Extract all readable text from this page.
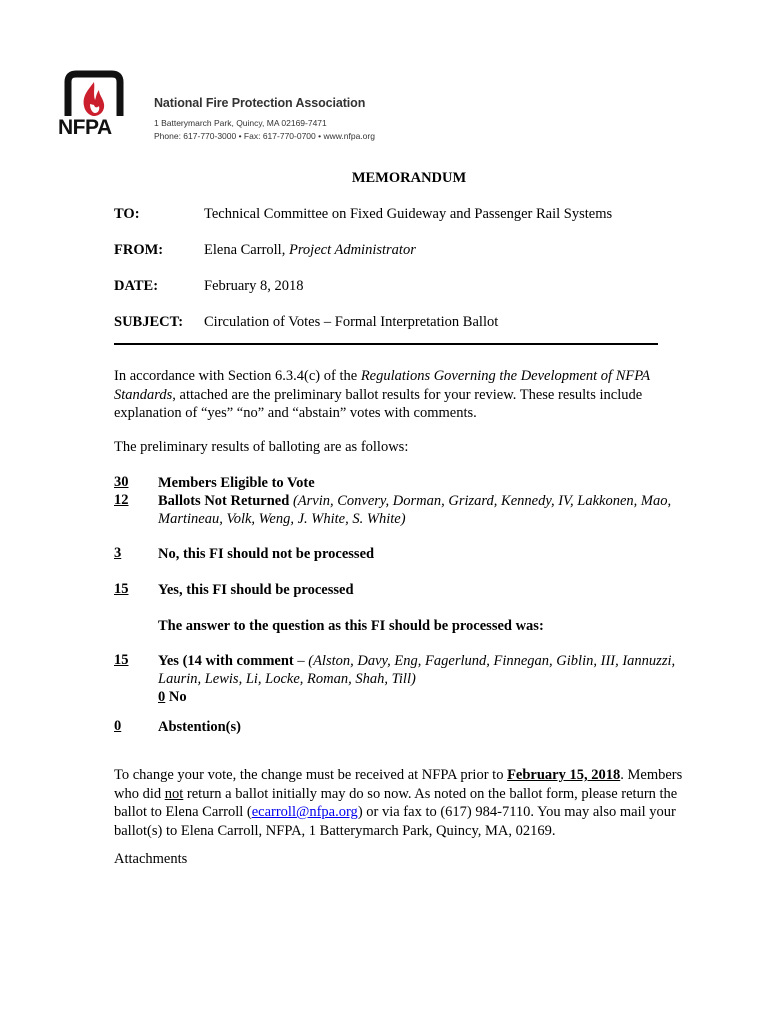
NFPA
National Fire Protection Association
1 Batterymarch Park, Quincy, MA 02169-7471
Phone: 617-770-3000 • Fax: 617-770-0700 • www.nfpa.org
MEMORANDUM
TO:	Technical Committee on Fixed Guideway and Passenger Rail Systems
FROM:	Elena Carroll, Project Administrator
DATE:	February 8, 2018
SUBJECT: Circulation of Votes – Formal Interpretation Ballot
In accordance with Section 6.3.4(c) of the Regulations Governing the Development of NFPA Standards, attached are the preliminary ballot results for your review. These results include explanation of “yes” “no” and “abstain” votes with comments.
The preliminary results of balloting are as follows:
30 Members Eligible to Vote
12 Ballots Not Returned (Arvin, Convery, Dorman, Grizard, Kennedy, IV, Lakkonen, Mao, Martineau, Volk, Weng, J. White, S. White)
3	No, this FI should not be processed
15 Yes, this FI should be processed
The answer to the question as this FI should be processed was:
15 Yes (14 with comment – (Alston, Davy, Eng, Fagerlund, Finnegan, Giblin, III, Iannuzzi, Laurin, Lewis, Li, Locke, Roman, Shah, Till)
0 No
0	Abstention(s)
To change your vote, the change must be received at NFPA prior to February 15, 2018. Members who did not return a ballot initially may do so now. As noted on the ballot form, please return the ballot to Elena Carroll (ecarroll@nfpa.org) or via fax to (617) 984-7110. You may also mail your ballot(s) to Elena Carroll, NFPA, 1 Batterymarch Park, Quincy, MA, 02169.
Attachments
